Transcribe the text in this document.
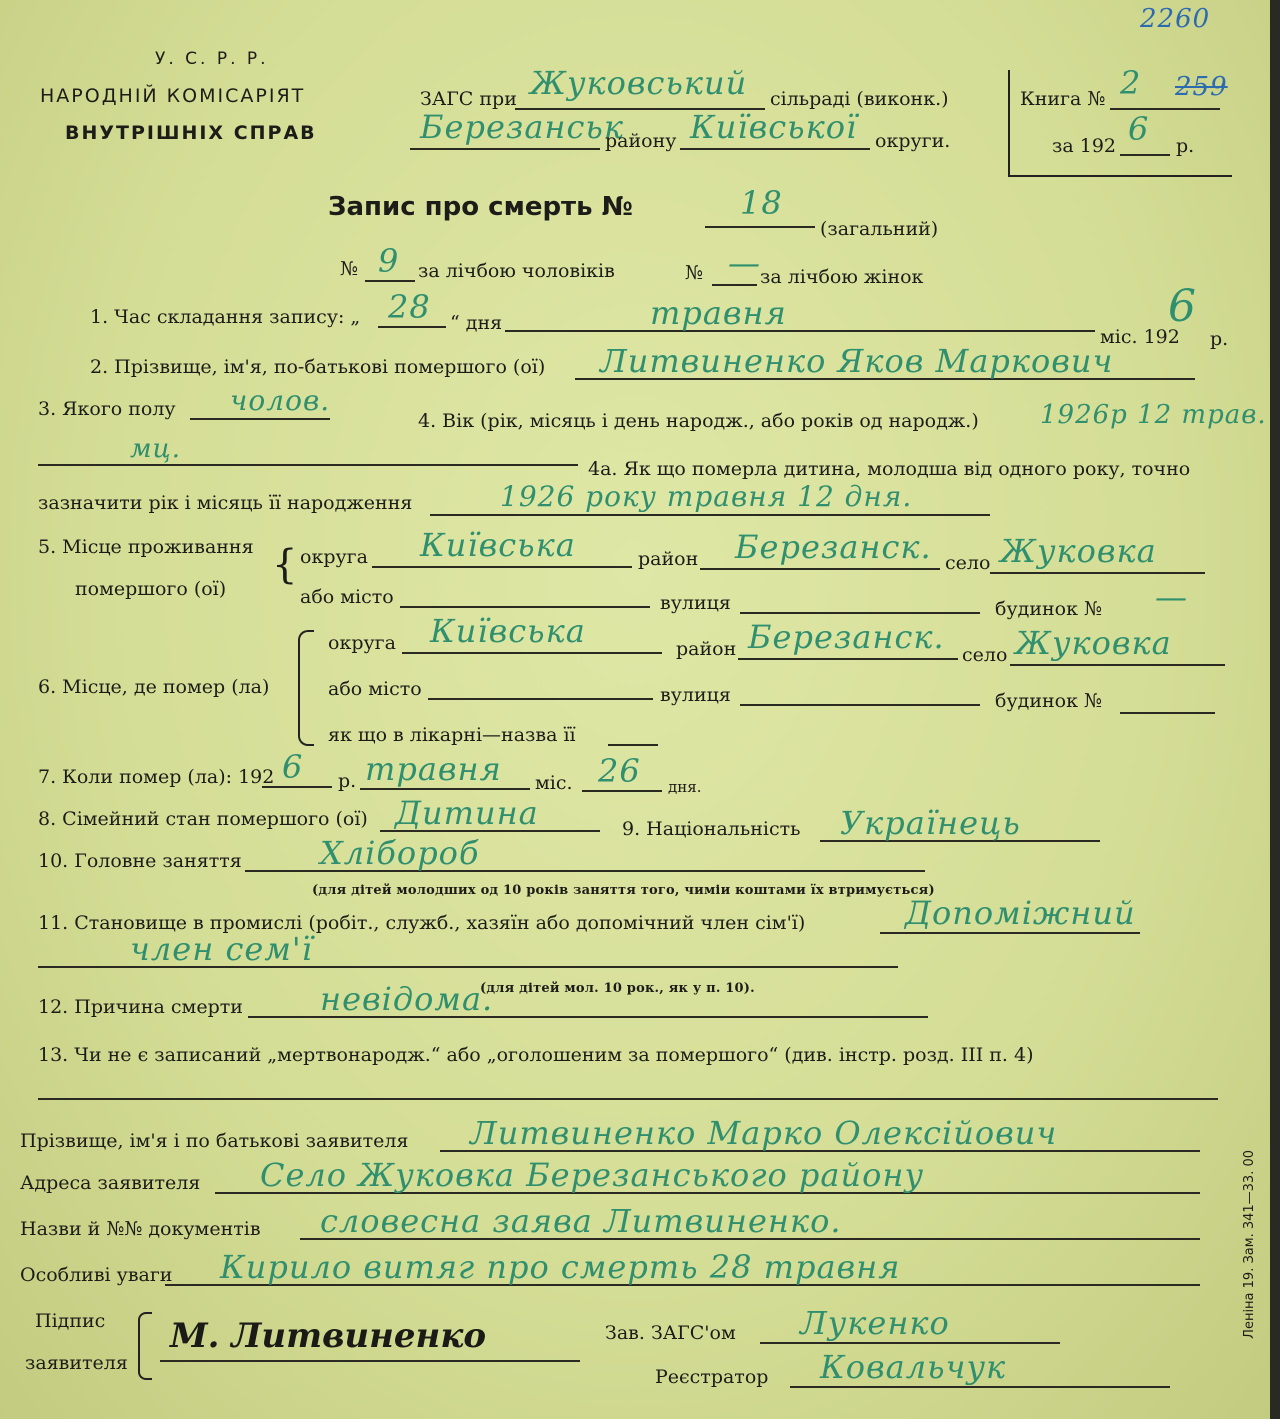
У. С. Р. Р.
НАРОДНІЙ КОМІСАРІЯТ
ВНУТРІШНІХ СПРАВ
2260
ЗАГС при Жуковський сільраді (виконк.)
Березанськ
району Київської округи.
Книга № 2 259
за 192 6 р.
Запис про смерть №	18
(загальний)
№ 9 за лічбою чоловіків	№ — за лічбою жінок
1. Час складання запису: „ 28 “ дня	травня
міс. 192
6
р.
2. Прізвище, ім'я, по-батькові помершого (ої) Литвиненко Яков Маркович
3. Якого полу чолов.
4. Вік (рік, місяць і день народж., або років од народж.) 1926р 12 трав.
мц.
4а. Як що померла дитина, молодша від одного року, точно
зазначити рік і місяць її народження	1926 року травня 12 дня.
5. Місце проживання
помершого (ої)
{ округа Київська	район Березанск. село Жуковка
або місто	вулиця	будинок № —
6. Місце, де помер (ла)
округа Київська	район Березанск. село Жуковка
або місто	вулиця	будинок №
як що в лікарні—назва її
7. Коли помер (ла): 192 6 р. травня міс. 26 дня.
8. Сімейний стан помершого (ої) Дитина	9. Національність Українець
10. Головне заняття Хлібороб
(для дітей молодших од 10 років заняття того, чиміи коштами їх втримується)
11. Становище в промислі (робіт., служб., хазяїн або допомічний член сім'ї)	Допоміжний
член сем'ї
(для дітей мол. 10 рок., як у п. 10).
12. Причина смерти невідома.
13. Чи не є записаний „мертвонародж.“ або „оголошеним за помершого“ (див. інстр. розд. III п. 4)
Прізвище, ім'я і по батькові заявителя Литвиненко Марко Олексійович
Адреса заявителя Село Жуковка Березанського району
Назви й №№ документів словесна заява Литвиненко.
Особливі уваги Кирило витяг про смерть 28 травня
Підпис
заявителя
М. Литвиненко	Зав. ЗАГС'ом Лукенко
Реєстратор Ковальчук
Леніна 19. Зам. 341—33. 00
